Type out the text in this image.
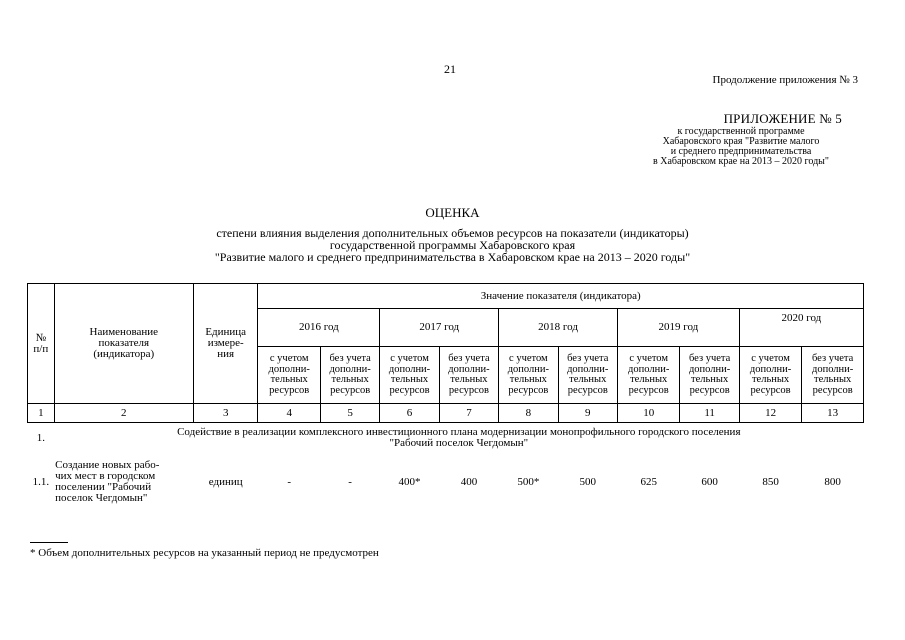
21
Продолжение приложения № 3
ПРИЛОЖЕНИЕ № 5
к государственной программе
Хабаровского края "Развитие малого
и среднего предпринимательства
в Хабаровском крае на 2013 – 2020 годы"
ОЦЕНКА
степени влияния выделения дополнительных объемов ресурсов на показатели (индикаторы)
государственной программы Хабаровского края
"Развитие малого и среднего предпринимательства в Хабаровском крае на 2013 – 2020 годы"
№
п/п	Наименование
показателя
(индикатора)	Единица
измере-
ния	Значение показателя (индикатора)									
			2016 год		2017 год		2018 год		2019 год		2020 год	
			с учетом
дополни-
тельных
ресурсов	без учета
дополни-
тельных
ресурсов	с учетом
дополни-
тельных
ресурсов	без учета
дополни-
тельных
ресурсов	с учетом
дополни-
тельных
ресурсов	без учета
дополни-
тельных
ресурсов	с учетом
дополни-
тельных
ресурсов	без учета
дополни-
тельных
ресурсов	с учетом
дополни-
тельных
ресурсов	без учета
дополни-
тельных
ресурсов
1	2	3	4	5	6	7	8	9	10	11	12	13
1.	Содействие в реализации комплексного инвестиционного плана модернизации монопрофильного городского поселения
"Рабочий поселок Чегдомын"											
1.1.	Создание новых рабо-
чих мест в городском
поселении "Рабочий
поселок Чегдомын"	единиц	-	-	400*	400	500*	500	625	600	850	800
* Объем дополнительных ресурсов на указанный период не предусмотрен
